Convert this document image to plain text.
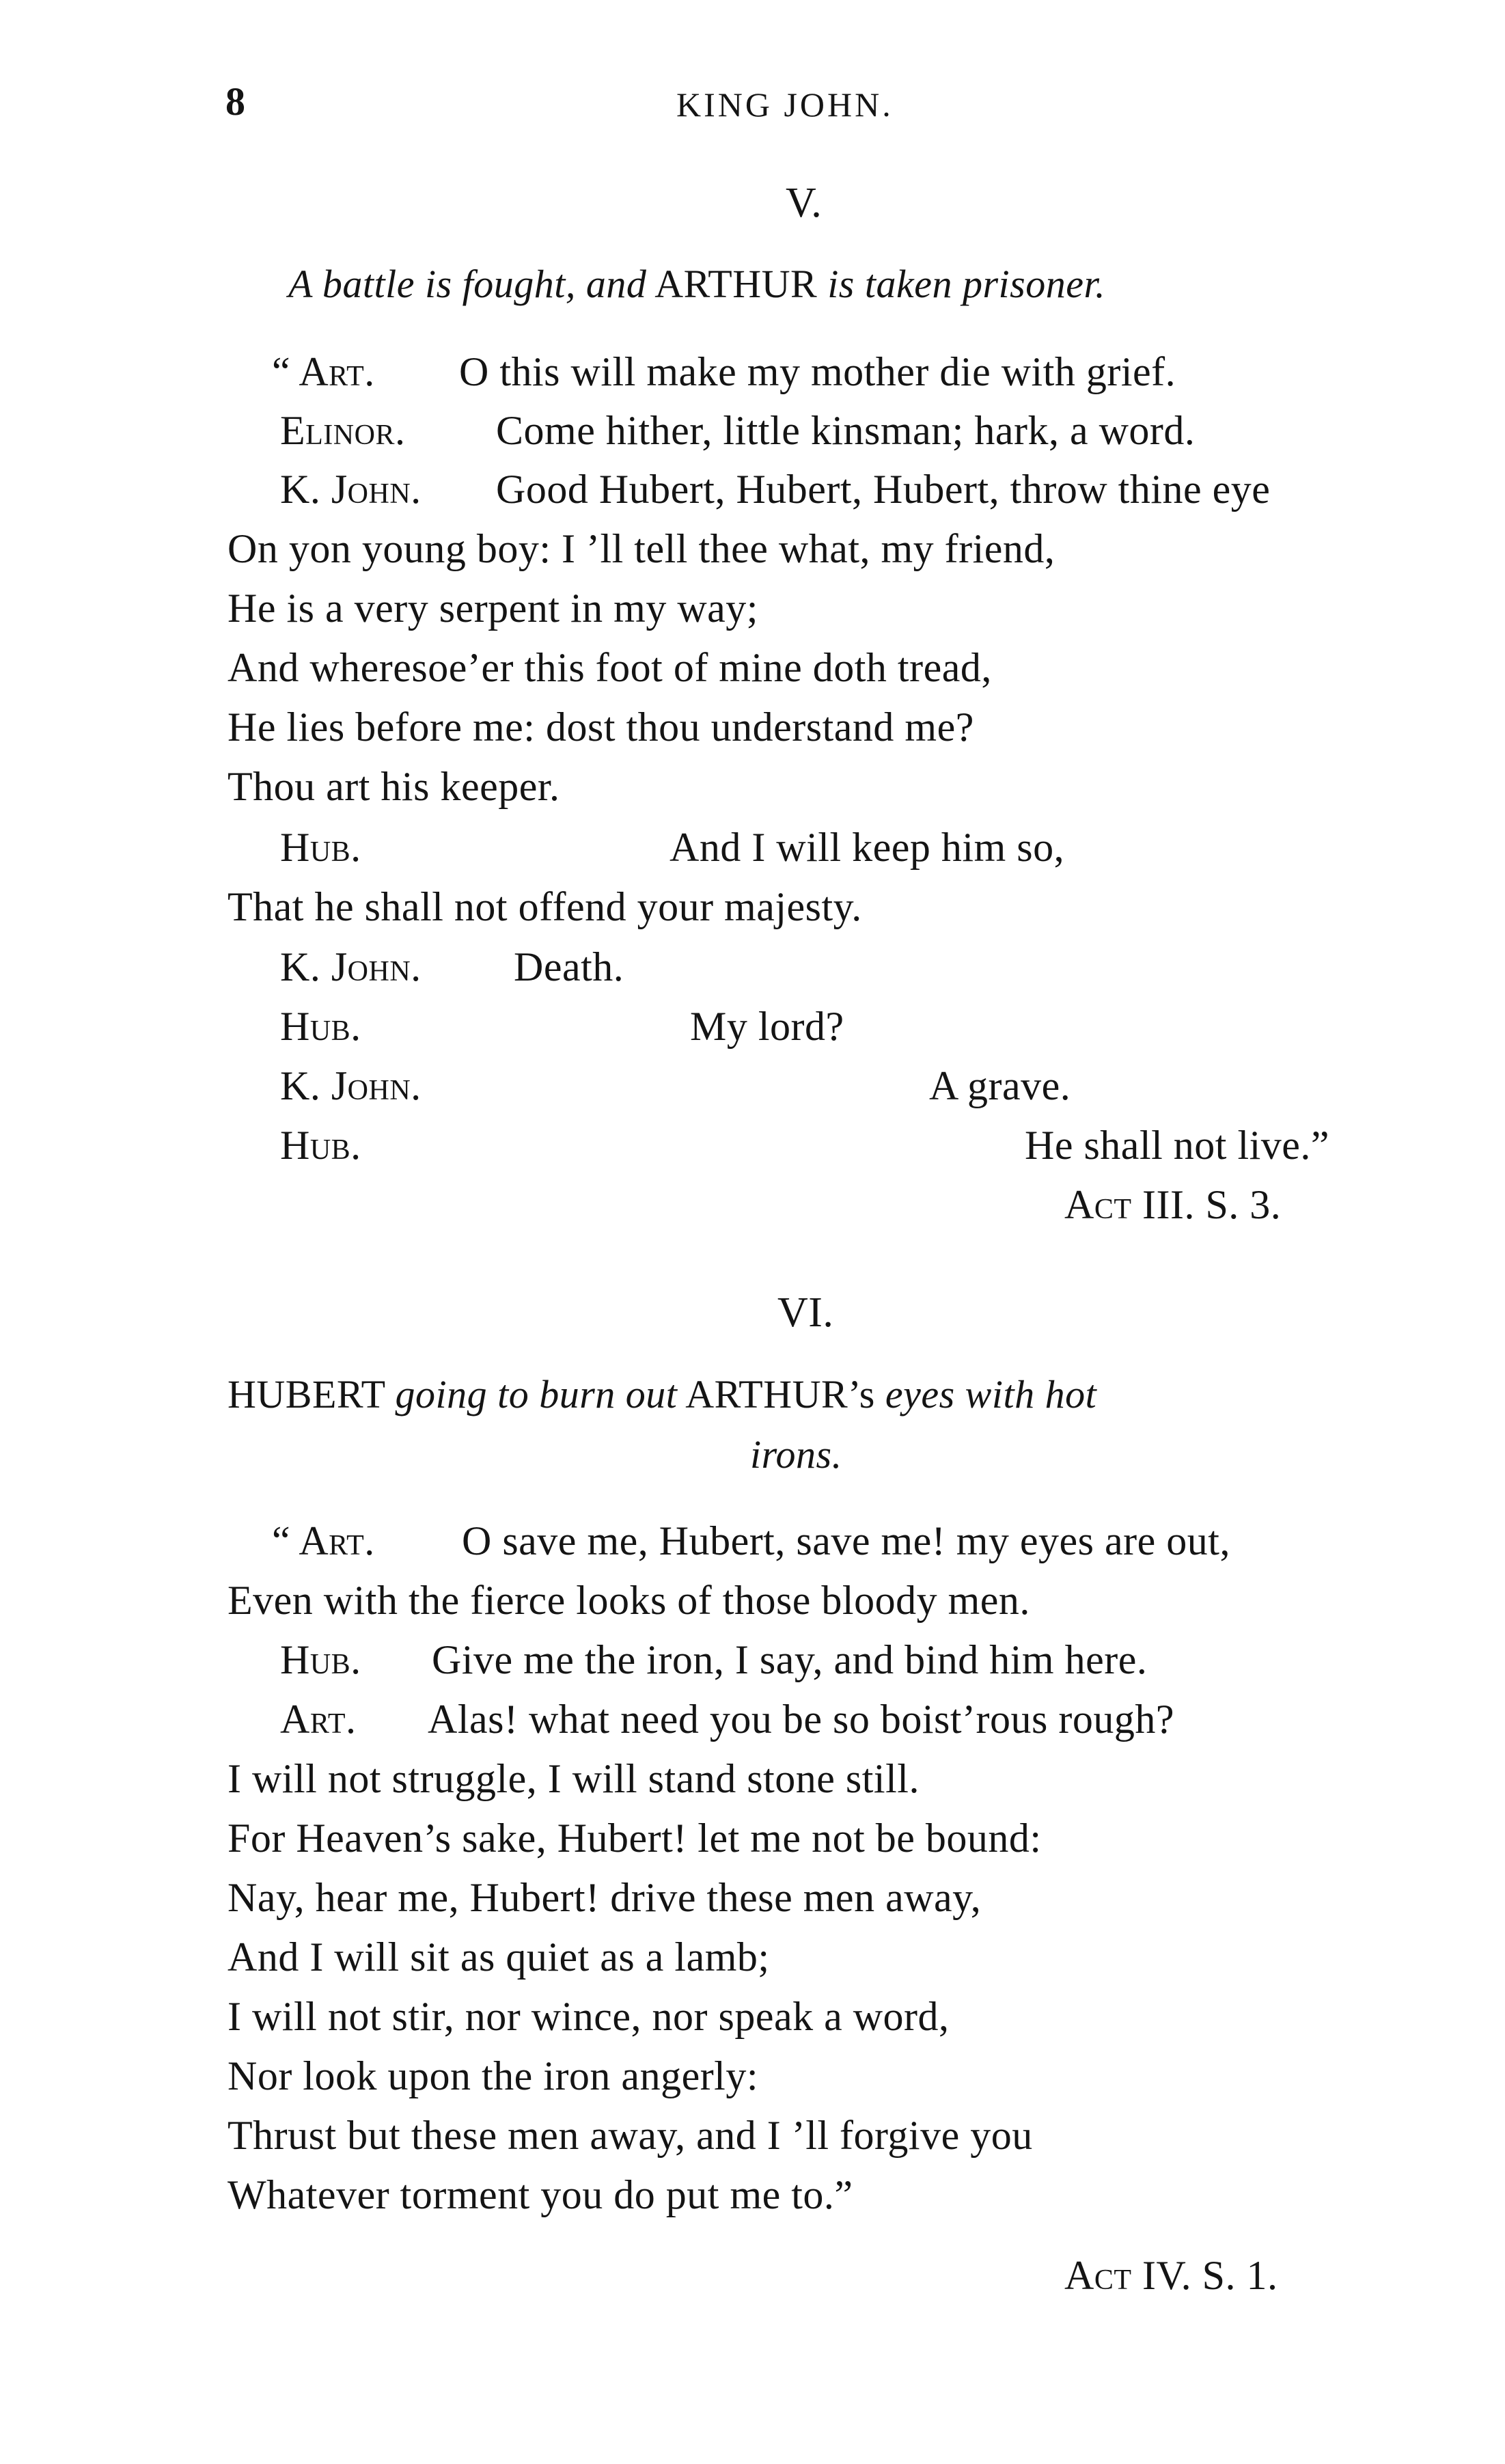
8	KING JOHN.
V.
A battle is fought, and ARTHUR is taken prisoner.
“ Art. O this will make my mother die with grief.
Elinor. Come hither, little kinsman; hark, a word.
K. John. Good Hubert, Hubert, Hubert, throw thine eye
On yon young boy: I ’ll tell thee what, my friend,
He is a very serpent in my way;
And wheresoe’er this foot of mine doth tread,
He lies before me: dost thou understand me?
Thou art his keeper.
Hub.	And I will keep him so,
That he shall not offend your majesty.
K. John. Death.
Hub.	My lord?
K. John.	A grave.
Hub.	He shall not live.”
Act III. S. 3.
VI.
HUBERT going to burn out ARTHUR’s eyes with hot
irons.
“ Art. O save me, Hubert, save me! my eyes are out,
Even with the fierce looks of those bloody men.
Hub. Give me the iron, I say, and bind him here.
Art. Alas! what need you be so boist’rous rough?
I will not struggle, I will stand stone still.
For Heaven’s sake, Hubert! let me not be bound:
Nay, hear me, Hubert! drive these men away,
And I will sit as quiet as a lamb;
I will not stir, nor wince, nor speak a word,
Nor look upon the iron angerly:
Thrust but these men away, and I ’ll forgive you
Whatever torment you do put me to.”
Act IV. S. 1.
